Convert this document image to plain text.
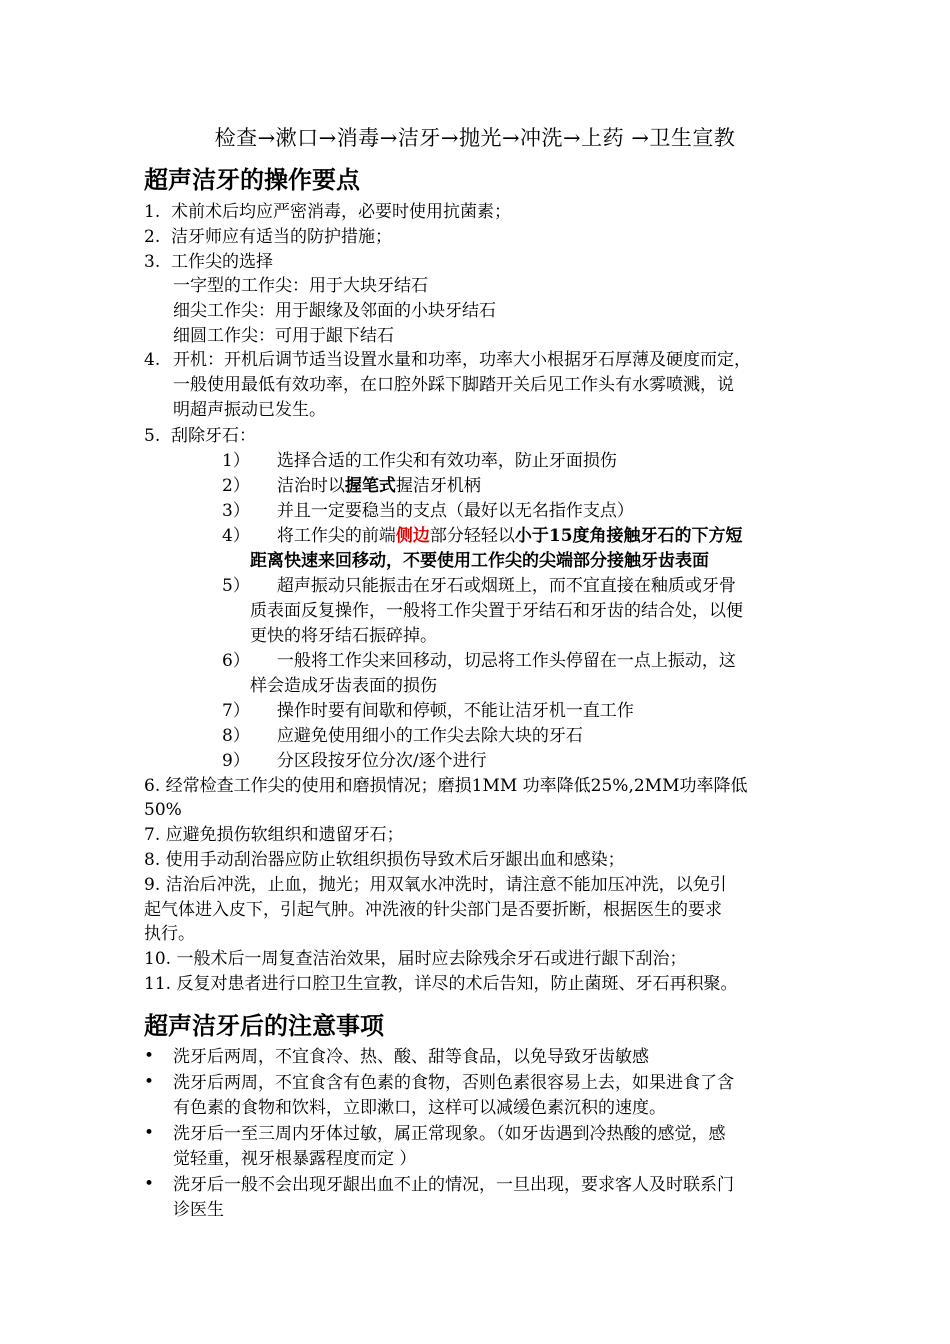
检查→漱口→消毒→洁牙→抛光→冲洗→上药 →卫生宣教
超声洁牙的操作要点
1. 术前术后均应严密消毒，必要时使用抗菌素；
2. 洁牙师应有适当的防护措施；
3. 工作尖的选择
一字型的工作尖：用于大块牙结石
细尖工作尖：用于龈缘及邻面的小块牙结石
细圆工作尖：可用于龈下结石
4. 开机：开机后调节适当设置水量和功率，功率大小根据牙石厚薄及硬度而定，
一般使用最低有效功率，在口腔外踩下脚踏开关后见工作头有水雾喷溅，说
明超声振动已发生。
5. 刮除牙石：
1） 选择合适的工作尖和有效功率，防止牙面损伤
2） 洁治时以握笔式握洁牙机柄
3） 并且一定要稳当的支点（最好以无名指作支点）
4） 将工作尖的前端侧边部分轻轻以小于15度角接触牙石的下方短
距离快速来回移动，不要使用工作尖的尖端部分接触牙齿表面
5） 超声振动只能振击在牙石或烟斑上，而不宜直接在釉质或牙骨
质表面反复操作，一般将工作尖置于牙结石和牙齿的结合处，以便
更快的将牙结石振碎掉。
6） 一般将工作尖来回移动，切忌将工作头停留在一点上振动，这
样会造成牙齿表面的损伤
7） 操作时要有间歇和停顿，不能让洁牙机一直工作
8） 应避免使用细小的工作尖去除大块的牙石
9） 分区段按牙位分次/逐个进行
6. 经常检查工作尖的使用和磨损情况；磨损1MM 功率降低25%,2MM功率降低
50%
7. 应避免损伤软组织和遗留牙石；
8. 使用手动刮治器应防止软组织损伤导致术后牙龈出血和感染；
9. 洁治后冲洗，止血，抛光；用双氧水冲洗时，请注意不能加压冲洗，以免引
起气体进入皮下，引起气肿。冲洗液的针尖部门是否要折断，根据医生的要求
执行。
10. 一般术后一周复查洁治效果，届时应去除残余牙石或进行龈下刮治；
11. 反复对患者进行口腔卫生宣教，详尽的术后告知，防止菌斑、牙石再积聚。
超声洁牙后的注意事项
• 洗牙后两周，不宜食冷、热、酸、甜等食品，以免导致牙齿敏感
• 洗牙后两周，不宜食含有色素的食物，否则色素很容易上去，如果进食了含
有色素的食物和饮料，立即漱口，这样可以减缓色素沉积的速度。
• 洗牙后一至三周内牙体过敏，属正常现象。（如牙齿遇到冷热酸的感觉，感
觉轻重，视牙根暴露程度而定 ）
• 洗牙后一般不会出现牙龈出血不止的情况，一旦出现，要求客人及时联系门
诊医生
